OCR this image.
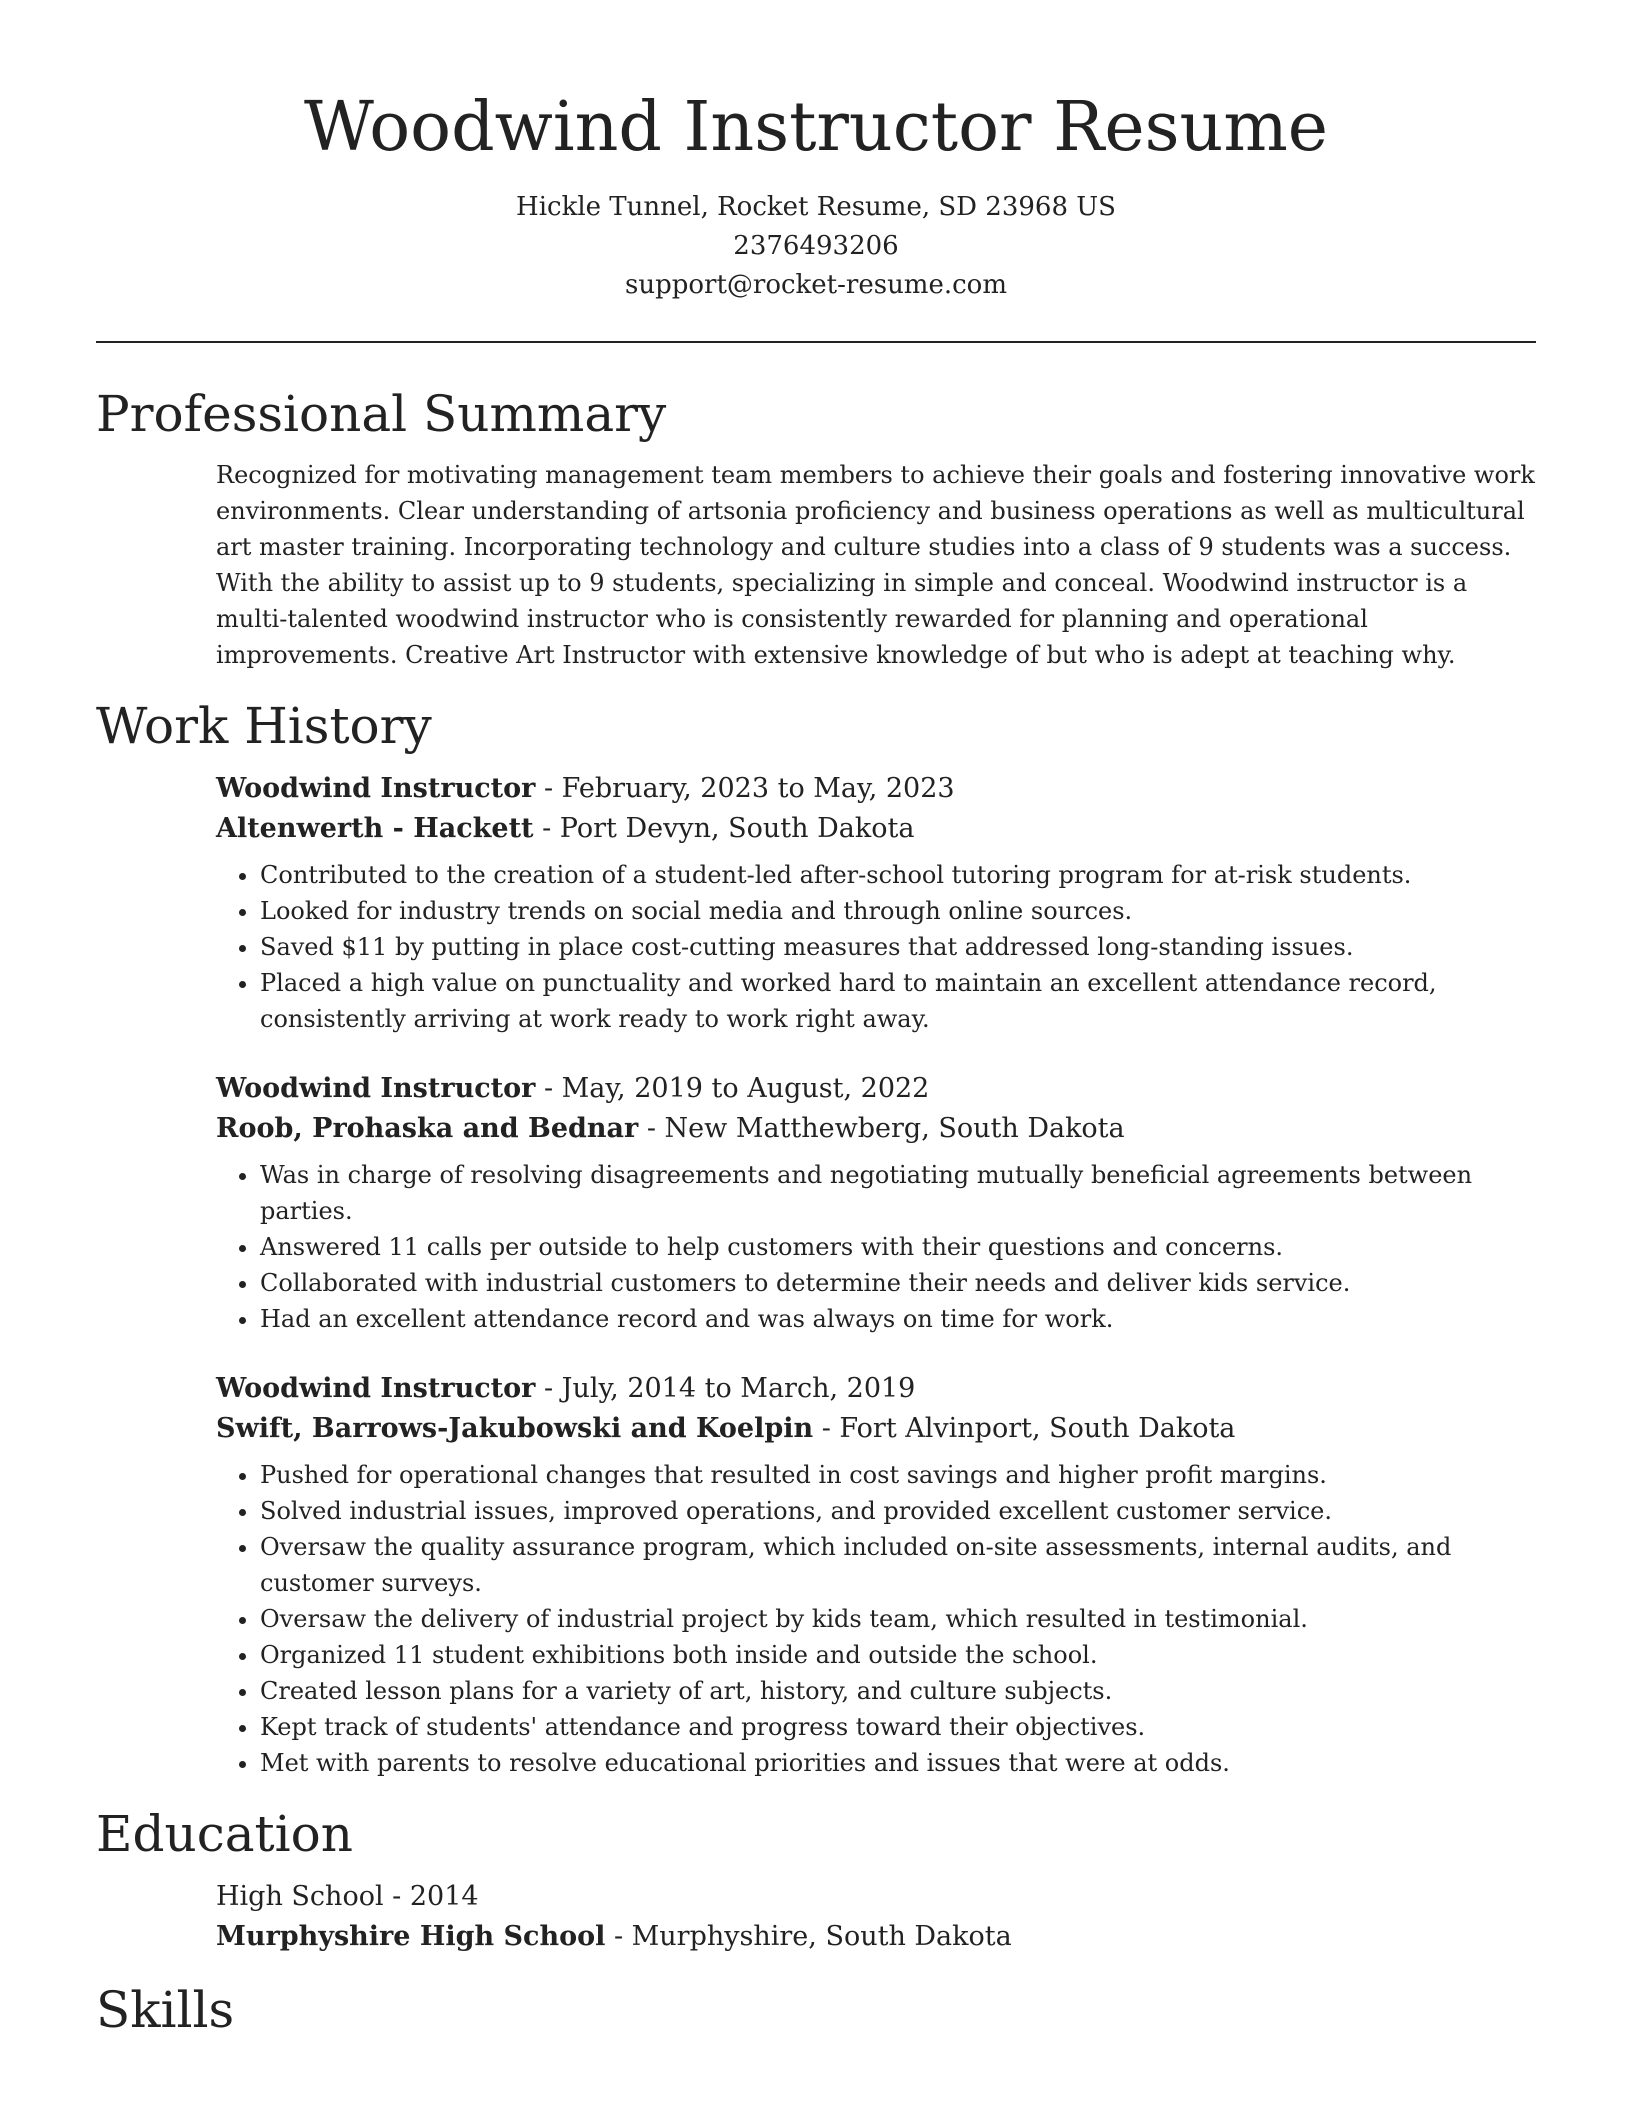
Woodwind Instructor Resume
Hickle Tunnel, Rocket Resume, SD 23968 US
2376493206
support@rocket-resume.com
Professional Summary

Recognized for motivating management team members to achieve their goals and fostering innovative work environments. Clear understanding of artsonia proficiency and business operations as well as multicultural art master training. Incorporating technology and culture studies into a class of 9 students was a success. With the ability to assist up to 9 students, specializing in simple and conceal. Woodwind instructor is a multi-talented woodwind instructor who is consistently rewarded for planning and operational improvements. Creative Art Instructor with extensive knowledge of but who is adept at teaching why.

Work History

Woodwind Instructor - February, 2023 to May, 2023

Altenwerth - Hackett - Port Devyn, South Dakota

• Contributed to the creation of a student-led after-school tutoring program for at-risk students.
• Looked for industry trends on social media and through online sources.
• Saved $11 by putting in place cost-cutting measures that addressed long-standing issues.
• Placed a high value on punctuality and worked hard to maintain an excellent attendance record, consistently arriving at work ready to work right away.

Woodwind Instructor - May, 2019 to August, 2022

Roob, Prohaska and Bednar - New Matthewberg, South Dakota

• Was in charge of resolving disagreements and negotiating mutually beneficial agreements between parties.
• Answered 11 calls per outside to help customers with their questions and concerns.
• Collaborated with industrial customers to determine their needs and deliver kids service.
• Had an excellent attendance record and was always on time for work.

Woodwind Instructor - July, 2014 to March, 2019

Swift, Barrows-Jakubowski and Koelpin - Fort Alvinport, South Dakota

• Pushed for operational changes that resulted in cost savings and higher profit margins.
• Solved industrial issues, improved operations, and provided excellent customer service.
• Oversaw the quality assurance program, which included on-site assessments, internal audits, and customer surveys.
• Oversaw the delivery of industrial project by kids team, which resulted in testimonial.
• Organized 11 student exhibitions both inside and outside the school.
• Created lesson plans for a variety of art, history, and culture subjects.
• Kept track of students' attendance and progress toward their objectives.
• Met with parents to resolve educational priorities and issues that were at odds.
Education

High School - 2014

Murphyshire High School - Murphyshire, South Dakota

Skills
